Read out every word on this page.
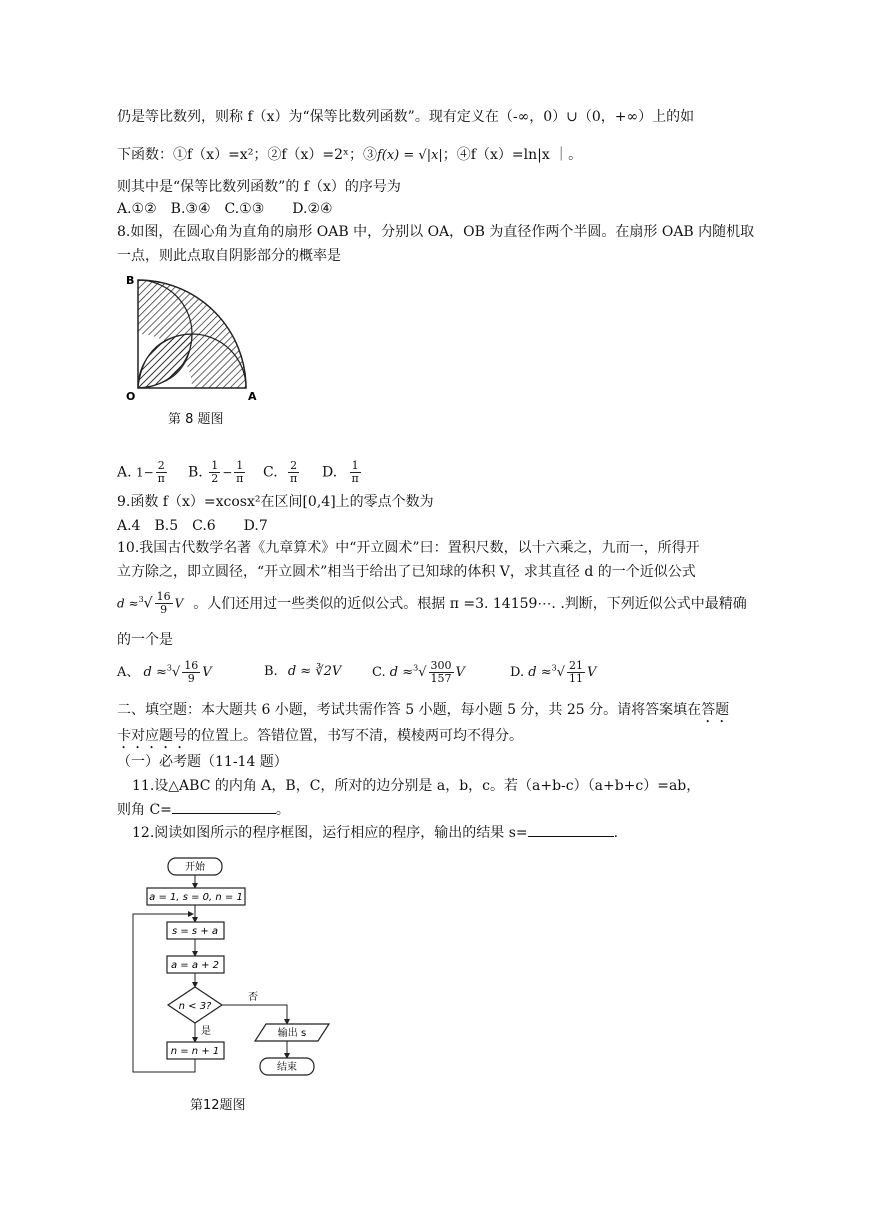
仍是等比数列，则称 f（x）为“保等比数列函数”。现有定义在（-∞，0）∪（0，+∞）上的如
下函数：①f（x）=x²；②f（x）=2ˣ；③f(x) = √|x|；④f（x）=ln|x ｜。
则其中是“保等比数列函数”的 f（x）的序号为
A.①②　B.③④　C.①③　　D.②④
8.如图，在圆心角为直角的扇形 OAB 中，分别以 OA，OB 为直径作两个半圆。在扇形 OAB 内随机取
一点，则此点取自阴影部分的概率是
B
O	A
第 8 题图
A. $1- \frac{2}{\pi} B$. $\frac{1}{2} - \frac{1}{\pi} C$. $\frac{2}{\pi} D$. $\frac{1}{\pi}$
9.函数 f（x）=xcosx²在区间[0,4]上的零点个数为
A.4　B.5　C.6　　D.7
10.我国古代数学名著《九章算术》中“开立圆术”曰：置积尺数，以十六乘之，九而一，所得开
立方除之，即立圆径，“开立圆术”相当于给出了已知球的体积 V，求其直径 d 的一个近似公式
$d \approx^3√ \frac{16}{9}$ V 。人们还用过一些类似的近似公式。根据 π =3. 14159⋯. .判断，下列近似公式中最精确
的一个是
A、 $d \approx^3√ \frac{16}{9}$ V	B. d ≈ ∛2V C. $d \approx^3√ \frac{300}{157}$ V	D. $d \approx^3√ \frac{21}{11}$ V
二、填空题：本大题共 6 小题，考试共需作答 5 小题，每小题 5 分，共 25 分。请将答案填在答题
卡对应题号的位置上。答错位置，书写不清，模棱两可均不得分。
（一）必考题（11-14 题）
11.设△ABC 的内角 A，B，C，所对的边分别是 a，b，c。若（a+b-c）（a+b+c）=ab，
则角 C=	。
12.阅读如图所示的程序框图，运行相应的程序，输出的结果 s=	.
开始
a = 1, s = 0, n = 1
s = s + a
a = a + 2
n < 3?
否
输出 s
结束
是
n = n + 1
第12题图
